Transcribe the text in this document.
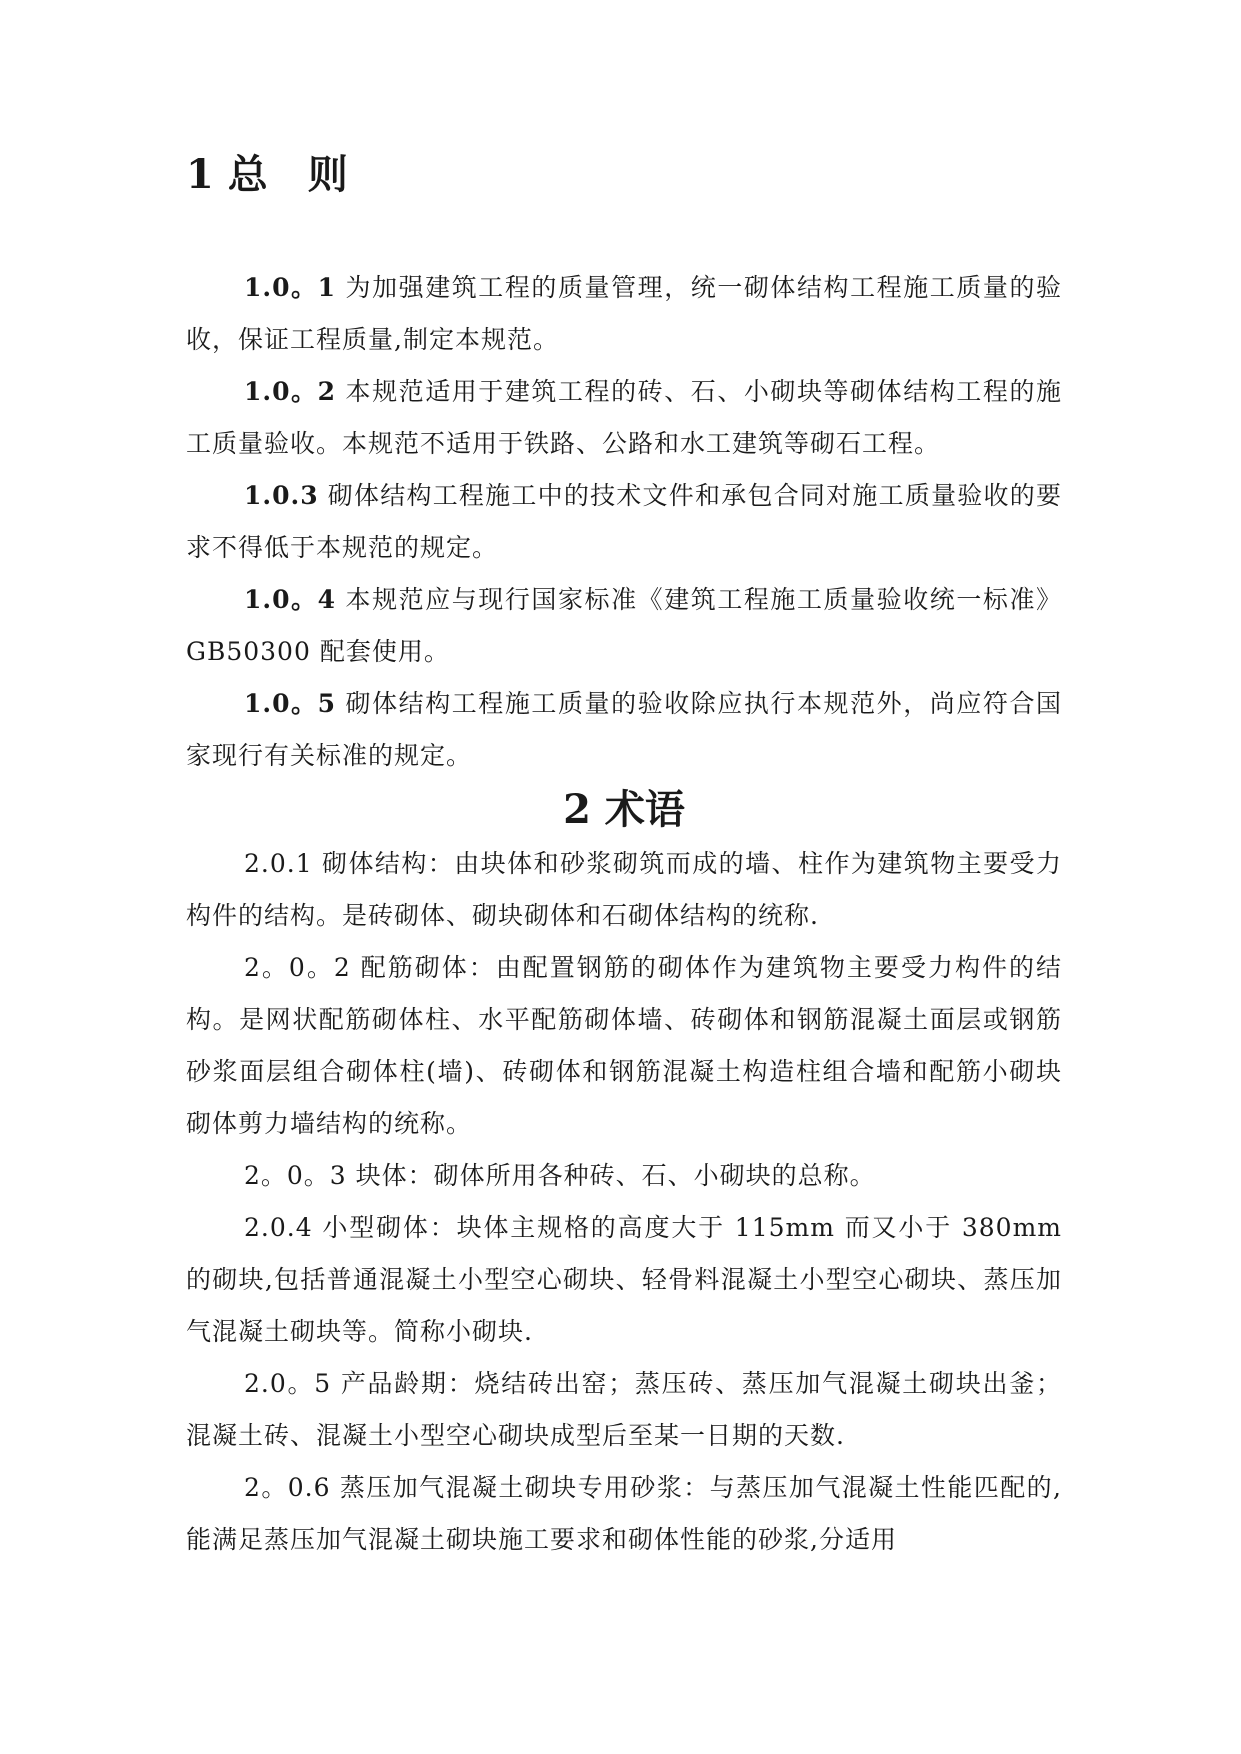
1 总　则

1.0。1 为加强建筑工程的质量管理，统一砌体结构工程施工质量的验收，保证工程质量,制定本规范。

1.0。2 本规范适用于建筑工程的砖、石、小砌块等砌体结构工程的施工质量验收。本规范不适用于铁路、公路和水工建筑等砌石工程。

1.0.3 砌体结构工程施工中的技术文件和承包合同对施工质量验收的要求不得低于本规范的规定。

1.0。4 本规范应与现行国家标准《建筑工程施工质量验收统一标准》GB50300 配套使用。

1.0。5 砌体结构工程施工质量的验收除应执行本规范外，尚应符合国家现行有关标准的规定。

2 术语

2.0.1 砌体结构：由块体和砂浆砌筑而成的墙、柱作为建筑物主要受力构件的结构。是砖砌体、砌块砌体和石砌体结构的统称.

2。0。2 配筋砌体：由配置钢筋的砌体作为建筑物主要受力构件的结构。是网状配筋砌体柱、水平配筋砌体墙、砖砌体和钢筋混凝土面层或钢筋砂浆面层组合砌体柱(墙)、砖砌体和钢筋混凝土构造柱组合墙和配筋小砌块砌体剪力墙结构的统称。

2。0。3 块体：砌体所用各种砖、石、小砌块的总称。

2.0.4 小型砌体：块体主规格的高度大于 115mm 而又小于 380mm 的砌块,包括普通混凝土小型空心砌块、轻骨料混凝土小型空心砌块、蒸压加气混凝土砌块等。简称小砌块.

2.0。5 产品龄期：烧结砖出窑；蒸压砖、蒸压加气混凝土砌块出釜；混凝土砖、混凝土小型空心砌块成型后至某一日期的天数.

2。0.6 蒸压加气混凝土砌块专用砂浆：与蒸压加气混凝土性能匹配的,能满足蒸压加气混凝土砌块施工要求和砌体性能的砂浆,分适用
